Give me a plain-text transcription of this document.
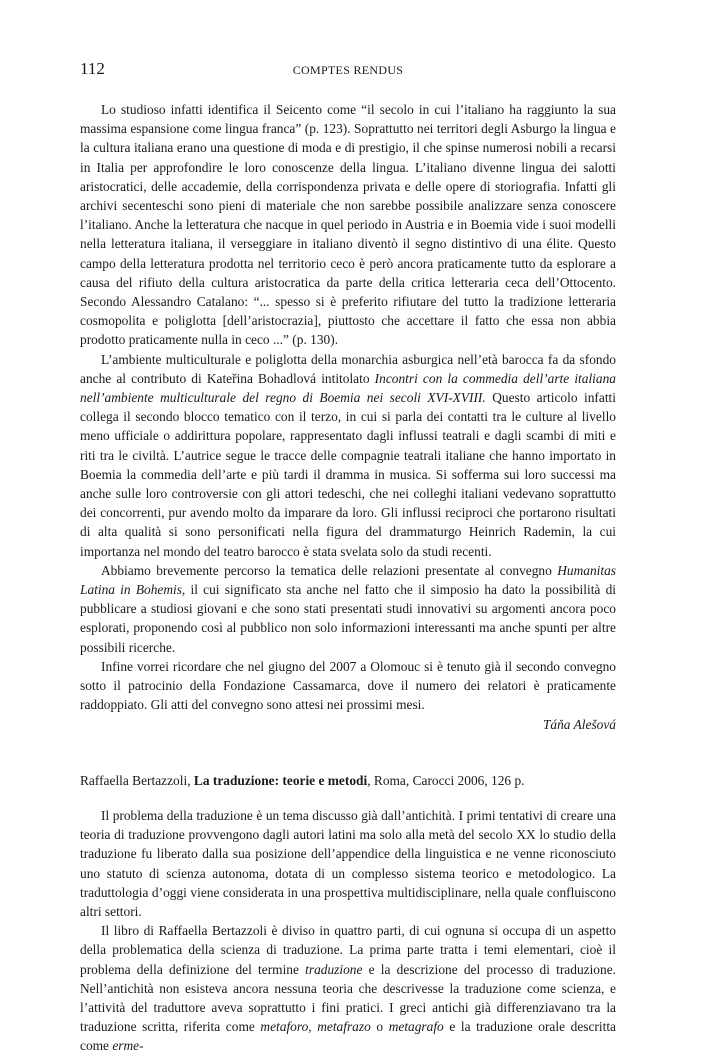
112	COMPTES RENDUS

Lo studioso infatti identifica il Seicento come “il secolo in cui l’italiano ha raggiunto la sua massima espansione come lingua franca” (p. 123). Soprattutto nei territori degli Asburgo la lingua e la cultura italiana erano una questione di moda e di prestigio, il che spinse numerosi nobili a recarsi in Italia per approfondire le loro conoscenze della lingua. L’italiano divenne lingua dei salotti aristocratici, delle accademie, della corrispondenza privata e delle opere di storiografia. Infatti gli archivi secenteschi sono pieni di materiale che non sarebbe possibile analizzare senza conoscere l’italiano. Anche la letteratura che nacque in quel periodo in Austria e in Boemia vide i suoi modelli nella letteratura italiana, il verseggiare in italiano diventò il segno distintivo di una élite. Questo campo della letteratura prodotta nel territorio ceco è però ancora praticamente tutto da esplorare a causa del rifiuto della cultura aristocratica da parte della critica letteraria ceca dell’Ottocento. Secondo Alessandro Catalano: “... spesso si è preferito rifiutare del tutto la tradizione letteraria cosmopolita e poliglotta [dell’aristocrazia], piuttosto che accettare il fatto che essa non abbia prodotto praticamente nulla in ceco ...” (p. 130).

L’ambiente multiculturale e poliglotta della monarchia asburgica nell’età barocca fa da sfondo anche al contributo di Kateřina Bohadlová intitolato Incontri con la commedia dell’arte italiana nell’ambiente multiculturale del regno di Boemia nei secoli XVI-XVIII. Questo articolo infatti collega il secondo blocco tematico con il terzo, in cui si parla dei contatti tra le culture al livello meno ufficiale o addirittura popolare, rappresentato dagli influssi teatrali e dagli scambi di miti e riti tra le civiltà. L’autrice segue le tracce delle compagnie teatrali italiane che hanno importato in Boemia la commedia dell’arte e più tardi il dramma in musica. Si sofferma sui loro successi ma anche sulle loro controversie con gli attori tedeschi, che nei colleghi italiani vedevano soprattutto dei concorrenti, pur avendo molto da imparare da loro. Gli influssi reciproci che portarono risultati di alta qualità si sono personificati nella figura del drammaturgo Heinrich Rademin, la cui importanza nel mondo del teatro barocco è stata svelata solo da studi recenti.

Abbiamo brevemente percorso la tematica delle relazioni presentate al convegno Humanitas Latina in Bohemis, il cui significato sta anche nel fatto che il simposio ha dato la possibilità di pubblicare a studiosi giovani e che sono stati presentati studi innovativi su argomenti ancora poco esplorati, proponendo così al pubblico non solo informazioni interessanti ma anche spunti per altre possibili ricerche.

Infine vorrei ricordare che nel giugno del 2007 a Olomouc si è tenuto già il secondo convegno sotto il patrocinio della Fondazione Cassamarca, dove il numero dei relatori è praticamente raddoppiato. Gli atti del convegno sono attesi nei prossimi mesi.

Táňa Alešová

Raffaella Bertazzoli, La traduzione: teorie e metodi, Roma, Carocci 2006, 126 p.

Il problema della traduzione è un tema discusso già dall’antichità. I primi tentativi di creare una teoria di traduzione provvengono dagli autori latini ma solo alla metà del secolo XX lo studio della traduzione fu liberato dalla sua posizione dell’appendice della linguistica e ne venne riconosciuto uno statuto di scienza autonoma, dotata di un complesso sistema teorico e metodologico. La traduttologia d’oggi viene considerata in una prospettiva multidisciplinare, nella quale confluiscono altri settori.

Il libro di Raffaella Bertazzoli è diviso in quattro parti, di cui ognuna si occupa di un aspetto della problematica della scienza di traduzione. La prima parte tratta i temi elementari, cioè il problema della definizione del termine traduzione e la descrizione del processo di traduzione. Nell’antichità non esisteva ancora nessuna teoria che descrivesse la traduzione come scienza, e l’attività del traduttore aveva soprattutto i fini pratici. I greci antichi già differenziavano tra la traduzione scritta, riferita come metaforo, metafrazo o metagrafo e la traduzione orale descritta come erme-
